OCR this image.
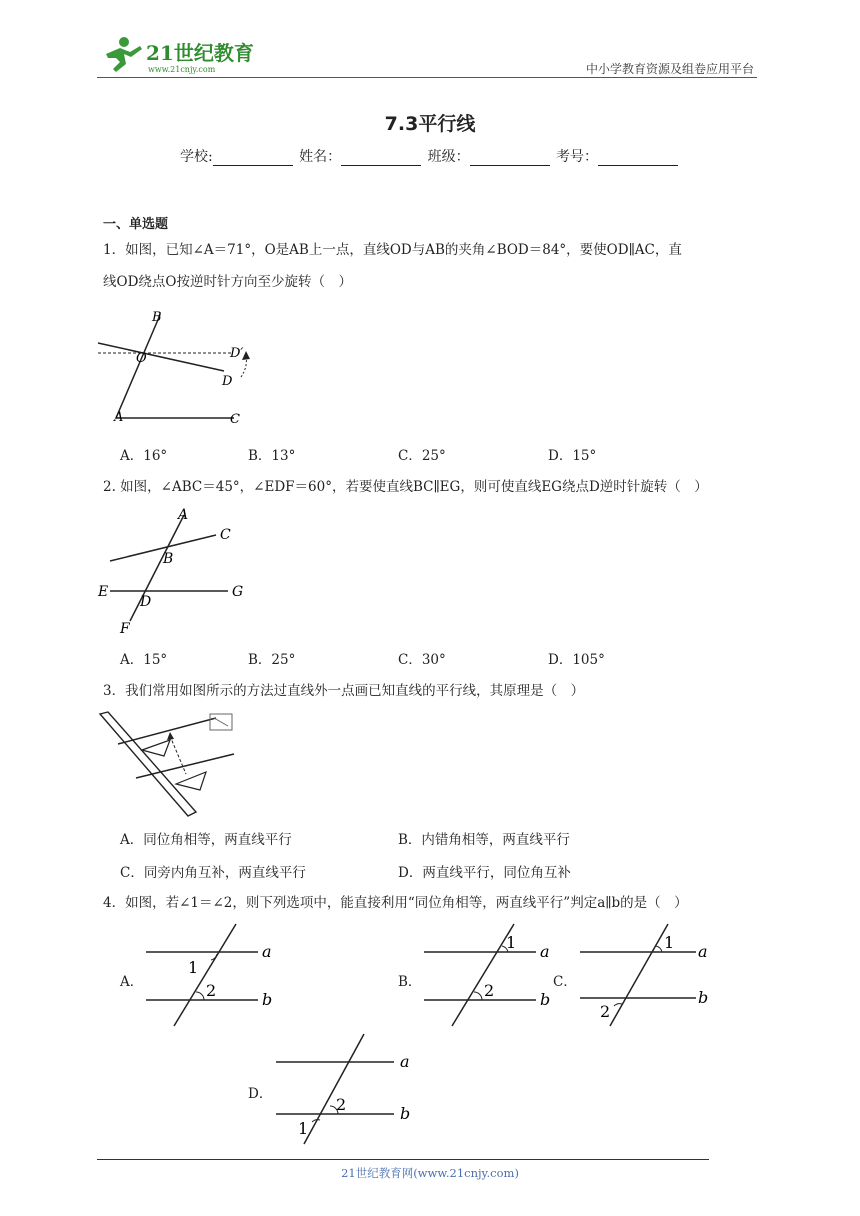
21世纪教育
www.21cnjy.com	中小学教育资源及组卷应用平台
7.3平行线
学校:	姓名：	班级：	考号：
一、单选题
1．如图，已知∠A＝71°，O是AB上一点，直线OD与AB的夹角∠BOD＝84°，要使OD∥AC，直
线OD绕点O按逆时针方向至少旋转（　）
B
O	D′
D
A	C
A．16°	B．13°	C．25°	D．15°
2. 如图，∠ABC＝45°，∠EDF＝60°，若要使直线BC∥EG，则可使直线EG绕点D逆时针旋转（　）
A
C
B
E	G
D
F
A．15°	B．25°	C．30°	D．105°
3．我们常用如图所示的方法过直线外一点画已知直线的平行线，其原理是（　）
A．同位角相等，两直线平行	B．内错角相等，两直线平行
C．同旁内角互补，两直线平行	D．两直线平行，同位角互补
4．如图，若∠1＝∠2，则下列选项中，能直接利用“同位角相等，两直线平行”判定a∥b的是（　）
A．
1
2
a
b
B．
1
2
a
b
C．
1
2
a
b
D．
2
1
a
b
21世纪教育网(www.21cnjy.com)
